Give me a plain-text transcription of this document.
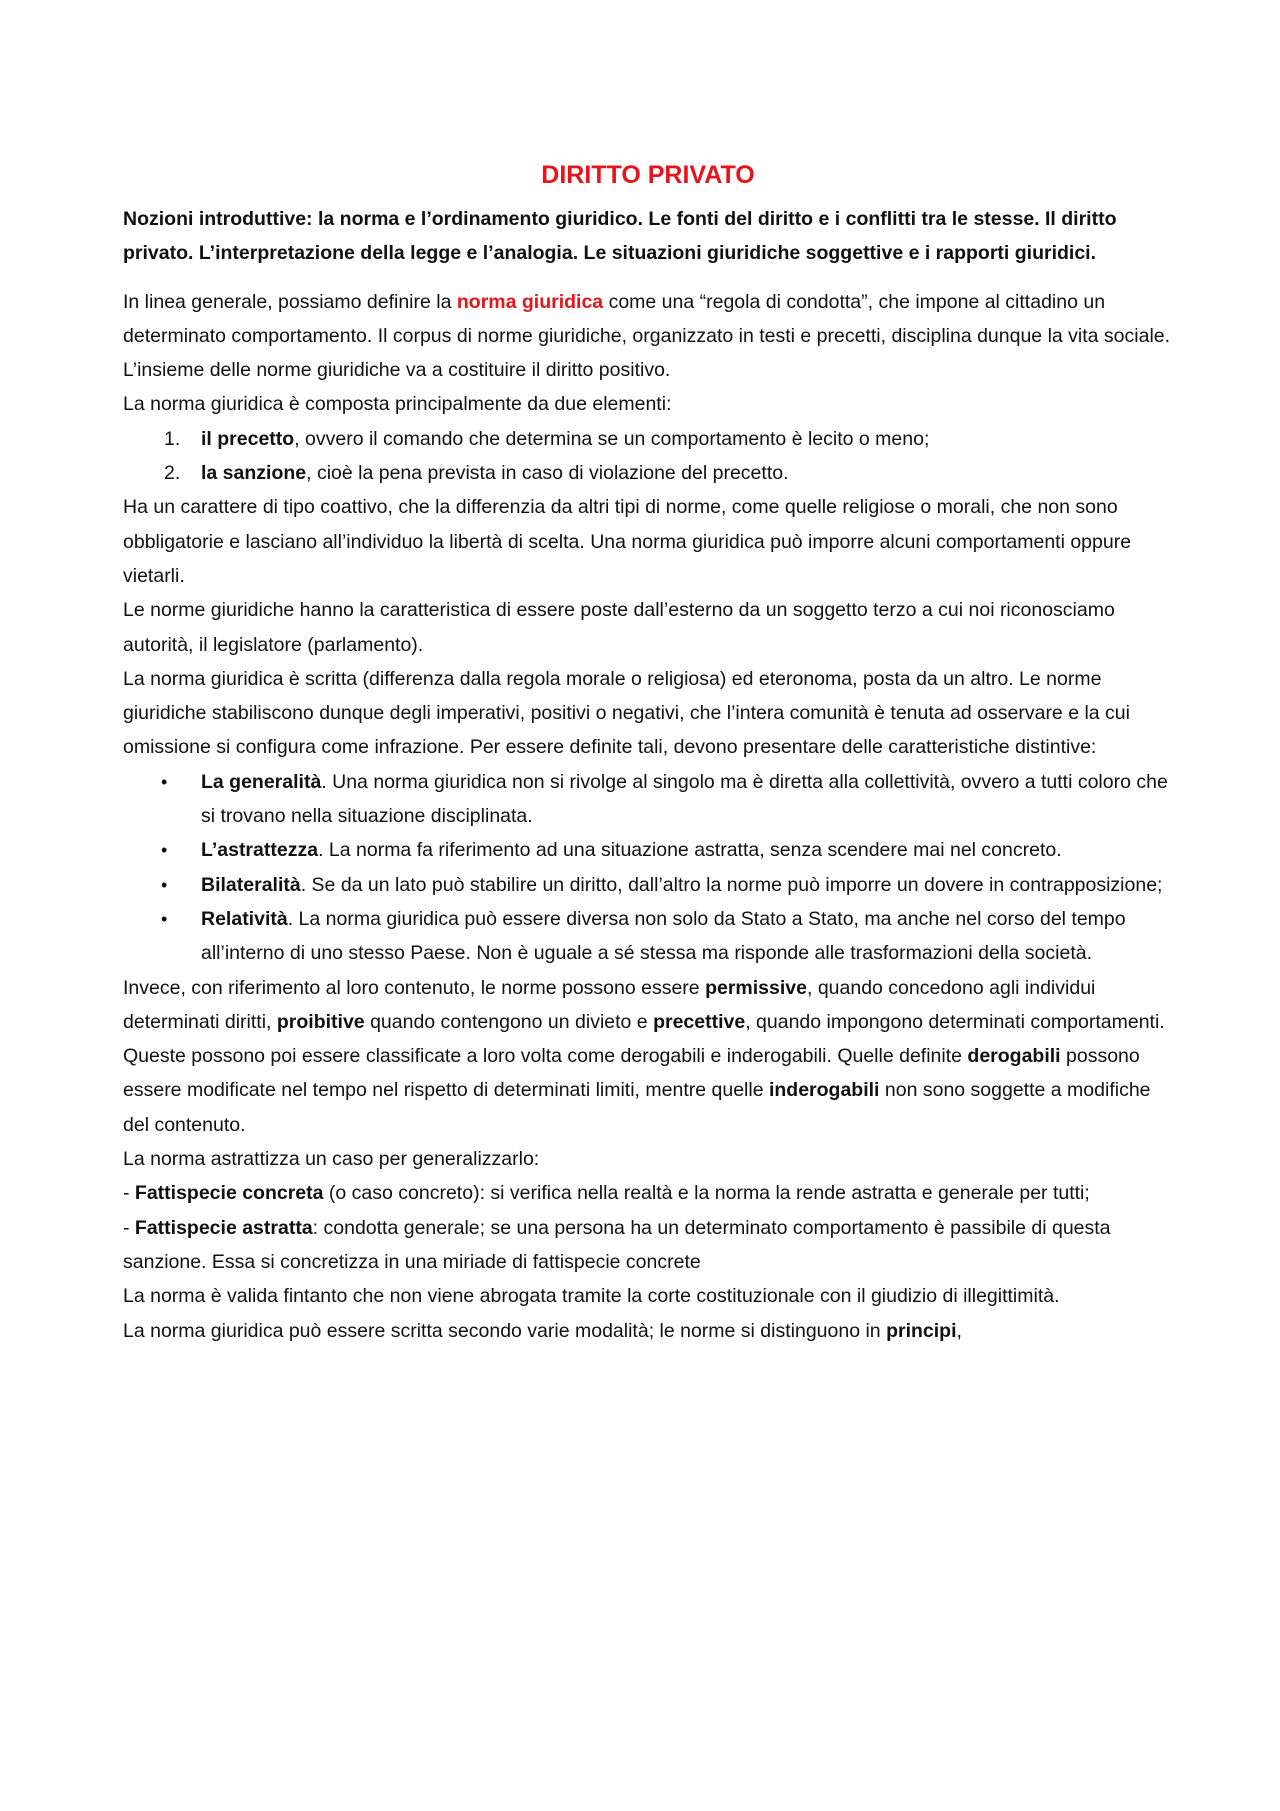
DIRITTO PRIVATO

Nozioni introduttive: la norma e l’ordinamento giuridico. Le fonti del diritto e i conflitti tra le stesse. Il diritto privato. L’interpretazione della legge e l’analogia. Le situazioni giuridiche soggettive e i rapporti giuridici.

In linea generale, possiamo definire la norma giuridica come una “regola di condotta”, che impone al cittadino un determinato comportamento. Il corpus di norme giuridiche, organizzato in testi e precetti, disciplina dunque la vita sociale. L’insieme delle norme giuridiche va a costituire il diritto positivo.

La norma giuridica è composta principalmente da due elementi:

1. il precetto, ovvero il comando che determina se un comportamento è lecito o meno;
2. la sanzione, cioè la pena prevista in caso di violazione del precetto.

Ha un carattere di tipo coattivo, che la differenzia da altri tipi di norme, come quelle religiose o morali, che non sono obbligatorie e lasciano all’individuo la libertà di scelta. Una norma giuridica può imporre alcuni comportamenti oppure vietarli.

Le norme giuridiche hanno la caratteristica di essere poste dall’esterno da un soggetto terzo a cui noi riconosciamo autorità, il legislatore (parlamento).

La norma giuridica è scritta (differenza dalla regola morale o religiosa) ed eteronoma, posta da un altro. Le norme giuridiche stabiliscono dunque degli imperativi, positivi o negativi, che l’intera comunità è tenuta ad osservare e la cui omissione si configura come infrazione. Per essere definite tali, devono presentare delle caratteristiche distintive:

• La generalità. Una norma giuridica non si rivolge al singolo ma è diretta alla collettività, ovvero a tutti coloro che si trovano nella situazione disciplinata.
• L’astrattezza. La norma fa riferimento ad una situazione astratta, senza scendere mai nel concreto.
• Bilateralità. Se da un lato può stabilire un diritto, dall’altro la norme può imporre un dovere in contrapposizione;
• Relatività. La norma giuridica può essere diversa non solo da Stato a Stato, ma anche nel corso del tempo all’interno di uno stesso Paese. Non è uguale a sé stessa ma risponde alle trasformazioni della società.

Invece, con riferimento al loro contenuto, le norme possono essere permissive, quando concedono agli individui determinati diritti, proibitive quando contengono un divieto e precettive, quando impongono determinati comportamenti. Queste possono poi essere classificate a loro volta come derogabili e inderogabili. Quelle definite derogabili possono essere modificate nel tempo nel rispetto di determinati limiti, mentre quelle inderogabili non sono soggette a modifiche del contenuto.

La norma astrattizza un caso per generalizzarlo:

- Fattispecie concreta (o caso concreto): si verifica nella realtà e la norma la rende astratta e generale per tutti;

- Fattispecie astratta: condotta generale; se una persona ha un determinato comportamento è passibile di questa sanzione. Essa si concretizza in una miriade di fattispecie concrete

La norma è valida fintanto che non viene abrogata tramite la corte costituzionale con il giudizio di illegittimità.

La norma giuridica può essere scritta secondo varie modalità; le norme si distinguono in principi,
